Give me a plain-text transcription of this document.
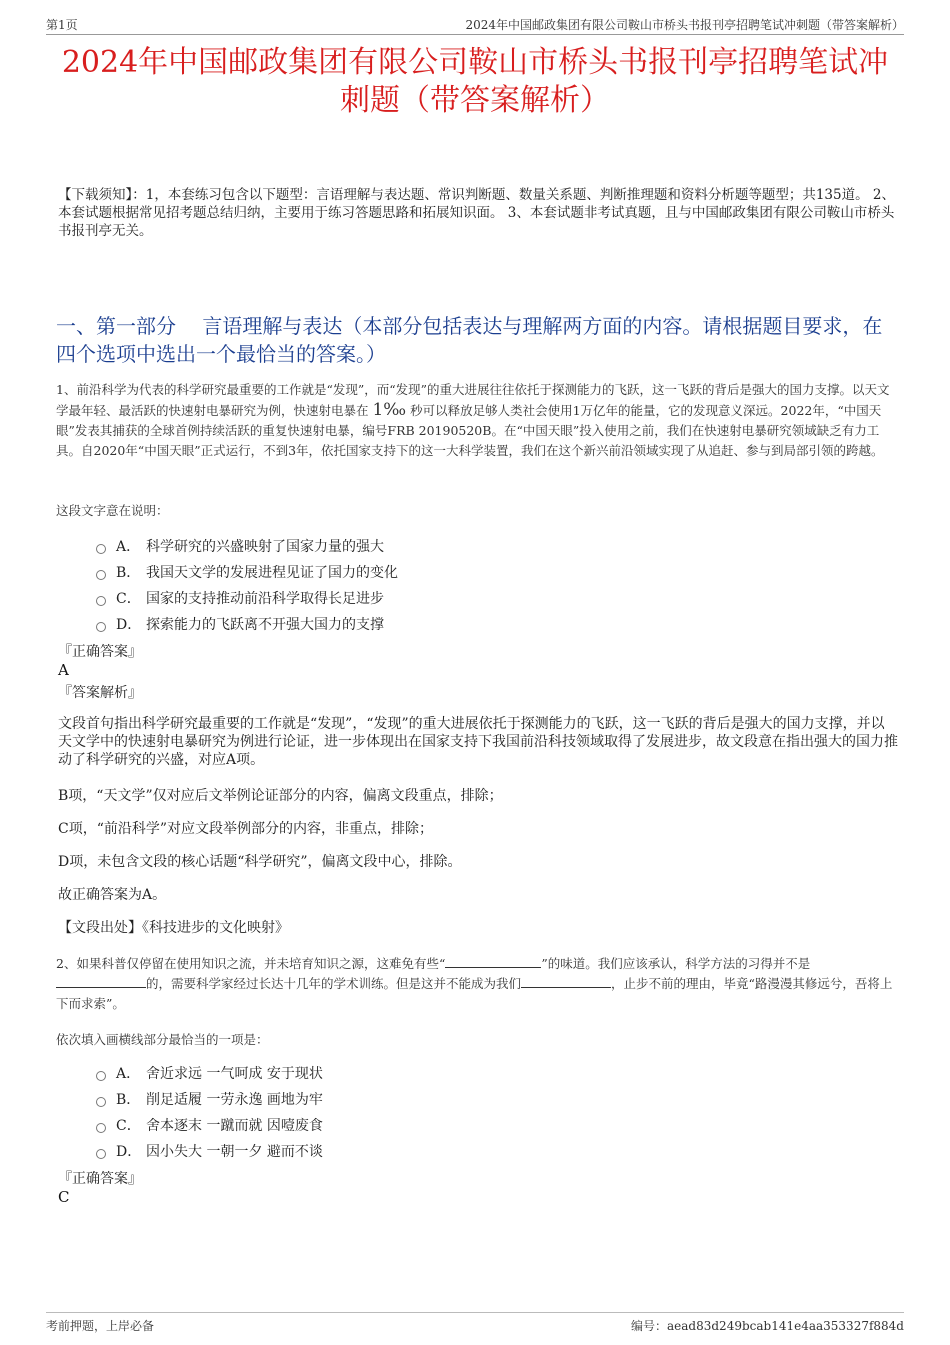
第1页	2024年中国邮政集团有限公司鞍山市桥头书报刊亭招聘笔试冲刺题（带答案解析）
2024年中国邮政集团有限公司鞍山市桥头书报刊亭招聘笔试冲
刺题（带答案解析）
【下载须知】：1，本套练习包含以下题型：言语理解与表达题、常识判断题、数量关系题、判断推理题和资料分析题等题型；共135道。 2、本套试题根据常见招考题总结归纳，主要用于练习答题思路和拓展知识面。 3、本套试题非考试真题，且与中国邮政集团有限公司鞍山市桥头书报刊亭无关。
一、第一部分　 言语理解与表达（本部分包括表达与理解两方面的内容。请根据题目要求，在四个选项中选出一个最恰当的答案。）
1、前沿科学为代表的科学研究最重要的工作就是“发现”，而“发现”的重大进展往往依托于探测能力的飞跃，这一飞跃的背后是强大的国力支撑。以天文学最年轻、最活跃的快速射电暴研究为例，快速射电暴在 1‰ 秒可以释放足够人类社会使用1万亿年的能量，它的发现意义深远。2022年，“中国天眼”发表其捕获的全球首例持续活跃的重复快速射电暴，编号FRB 20190520B。在“中国天眼”投入使用之前，我们在快速射电暴研究领域缺乏有力工具。自2020年“中国天眼”正式运行，不到3年，依托国家支持下的这一大科学装置，我们在这个新兴前沿领域实现了从追赶、参与到局部引领的跨越。
这段文字意在说明：
A． 科学研究的兴盛映射了国家力量的强大
B． 我国天文学的发展进程见证了国力的变化
C． 国家的支持推动前沿科学取得长足进步
D． 探索能力的飞跃离不开强大国力的支撑
『正确答案』
A
『答案解析』
文段首句指出科学研究最重要的工作就是“发现”，“发现”的重大进展依托于探测能力的飞跃，这一飞跃的背后是强大的国力支撑，并以天文学中的快速射电暴研究为例进行论证，进一步体现出在国家支持下我国前沿科技领域取得了发展进步，故文段意在指出强大的国力推动了科学研究的兴盛，对应A项。
B项，“天文学”仅对应后文举例论证部分的内容，偏离文段重点，排除；
C项，“前沿科学”对应文段举例部分的内容，非重点，排除；
D项，未包含文段的核心话题“科学研究”，偏离文段中心，排除。
故正确答案为A。
【文段出处】《科技进步的文化映射》
2、如果科普仅停留在使用知识之流，并未培育知识之源，这难免有些“	”的味道。我们应该承认，科学方法的习得并不是
的，需要科学家经过长达十几年的学术训练。但是这并不能成为我们	，止步不前的理由，毕竟“路漫漫其修远兮，吾将上下而求索”。
依次填入画横线部分最恰当的一项是：
A． 舍近求远 一气呵成 安于现状
B． 削足适履 一劳永逸 画地为牢
C． 舍本逐末 一蹴而就 因噎废食
D． 因小失大 一朝一夕 避而不谈
『正确答案』
C
考前押题，上岸必备	编号：aead83d249bcab141e4aa353327f884d
